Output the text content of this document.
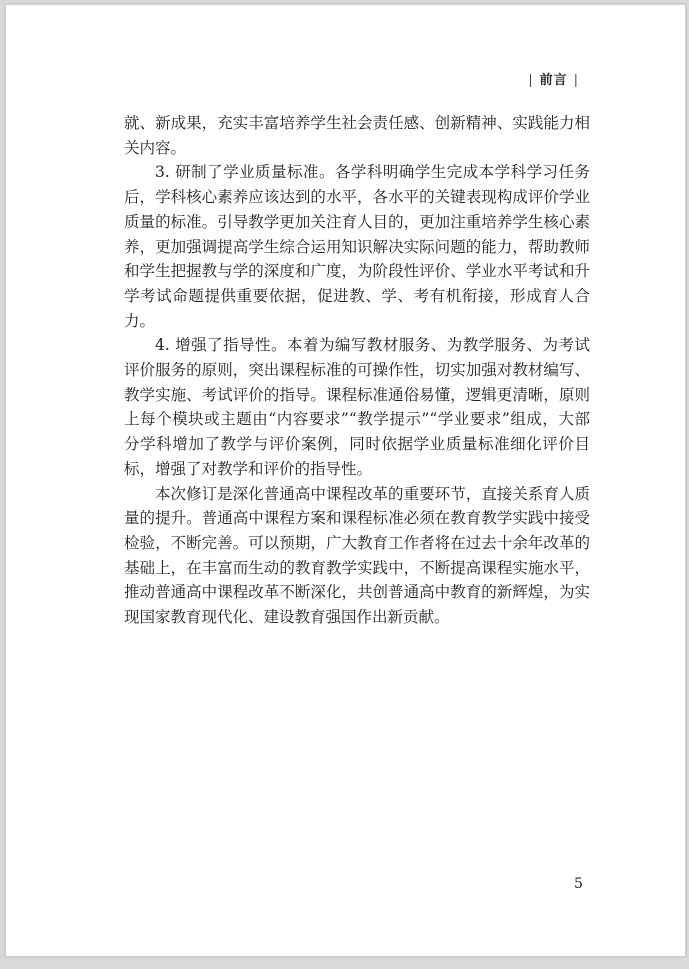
| 前言 |

就、新成果，充实丰富培养学生社会责任感、创新精神、实践能力相关内容。

3. 研制了学业质量标准。各学科明确学生完成本学科学习任务后，学科核心素养应该达到的水平，各水平的关键表现构成评价学业质量的标准。引导教学更加关注育人目的，更加注重培养学生核心素养，更加强调提高学生综合运用知识解决实际问题的能力，帮助教师和学生把握教与学的深度和广度，为阶段性评价、学业水平考试和升学考试命题提供重要依据，促进教、学、考有机衔接，形成育人合力。

4. 增强了指导性。本着为编写教材服务、为教学服务、为考试评价服务的原则，突出课程标准的可操作性，切实加强对教材编写、教学实施、考试评价的指导。课程标准通俗易懂，逻辑更清晰，原则上每个模块或主题由“内容要求”“教学提示”“学业要求”组成，大部分学科增加了教学与评价案例，同时依据学业质量标准细化评价目标，增强了对教学和评价的指导性。

本次修订是深化普通高中课程改革的重要环节，直接关系育人质量的提升。普通高中课程方案和课程标准必须在教育教学实践中接受检验，不断完善。可以预期，广大教育工作者将在过去十余年改革的基础上，在丰富而生动的教育教学实践中，不断提高课程实施水平，推动普通高中课程改革不断深化，共创普通高中教育的新辉煌，为实现国家教育现代化、建设教育强国作出新贡献。

5
